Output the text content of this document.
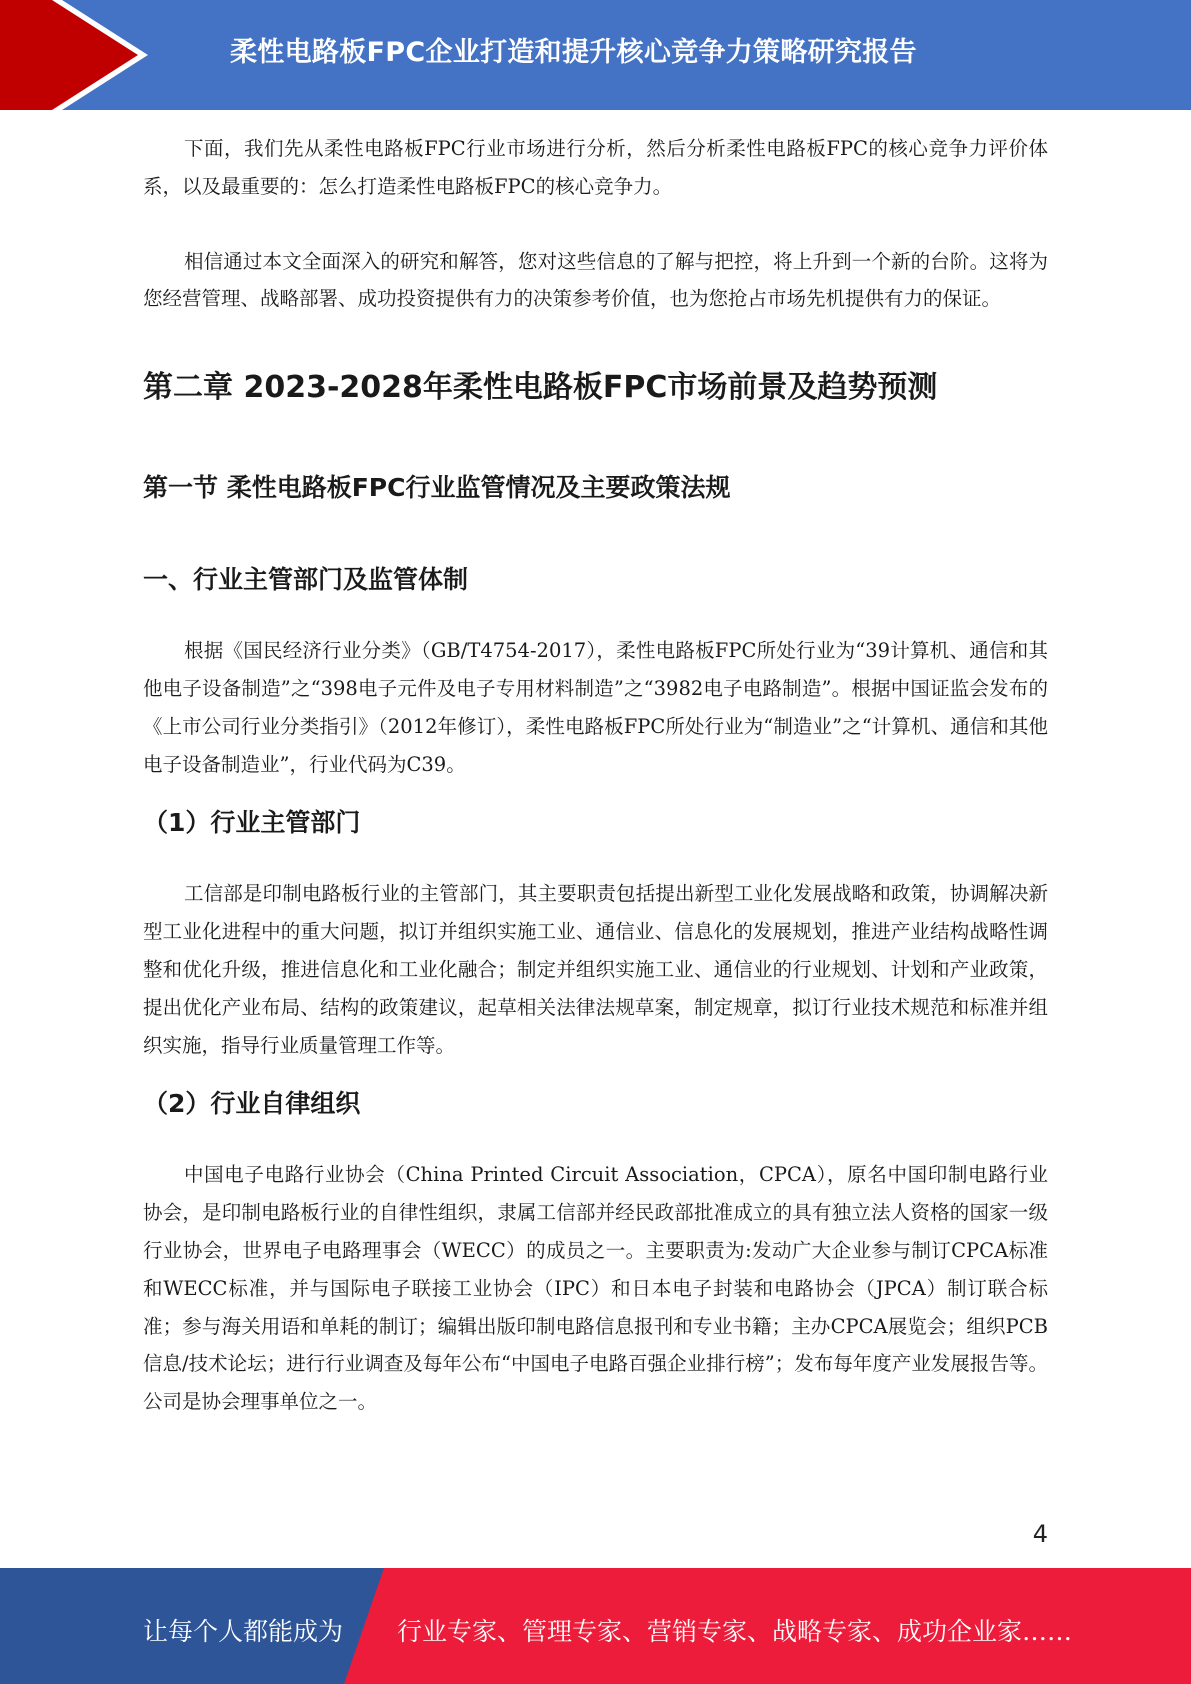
柔性电路板FPC企业打造和提升核心竞争力策略研究报告

下面，我们先从柔性电路板FPC行业市场进行分析，然后分析柔性电路板FPC的核心竞争力评价体系，以及最重要的：怎么打造柔性电路板FPC的核心竞争力。

相信通过本文全面深入的研究和解答，您对这些信息的了解与把控，将上升到一个新的台阶。这将为您经营管理、战略部署、成功投资提供有力的决策参考价值，也为您抢占市场先机提供有力的保证。

第二章 2023-2028年柔性电路板FPC市场前景及趋势预测
第一节 柔性电路板FPC行业监管情况及主要政策法规
一、行业主管部门及监管体制

根据《国民经济行业分类》（GB/T4754-2017），柔性电路板FPC所处行业为“39计算机、通信和其他电子设备制造”之“398电子元件及电子专用材料制造”之“3982电子电路制造”。根据中国证监会发布的《上市公司行业分类指引》（2012年修订），柔性电路板FPC所处行业为“制造业”之“计算机、通信和其他电子设备制造业”，行业代码为C39。

（1）行业主管部门

工信部是印制电路板行业的主管部门，其主要职责包括提出新型工业化发展战略和政策，协调解决新型工业化进程中的重大问题，拟订并组织实施工业、通信业、信息化的发展规划，推进产业结构战略性调整和优化升级，推进信息化和工业化融合；制定并组织实施工业、通信业的行业规划、计划和产业政策，提出优化产业布局、结构的政策建议，起草相关法律法规草案，制定规章，拟订行业技术规范和标准并组织实施，指导行业质量管理工作等。

（2）行业自律组织

中国电子电路行业协会（China Printed Circuit Association，CPCA），原名中国印制电路行业协会，是印制电路板行业的自律性组织，隶属工信部并经民政部批准成立的具有独立法人资格的国家一级行业协会，世界电子电路理事会（WECC）的成员之一。主要职责为:发动广大企业参与制订CPCA标准和WECC标准，并与国际电子联接工业协会（IPC）和日本电子封装和电路协会（JPCA）制订联合标准；参与海关用语和单耗的制订；编辑出版印制电路信息报刊和专业书籍；主办CPCA展览会；组织PCB信息/技术论坛；进行行业调查及每年公布“中国电子电路百强企业排行榜”；发布每年度产业发展报告等。公司是协会理事单位之一。

4
让每个人都能成为 行业专家、管理专家、营销专家、战略专家、成功企业家……
